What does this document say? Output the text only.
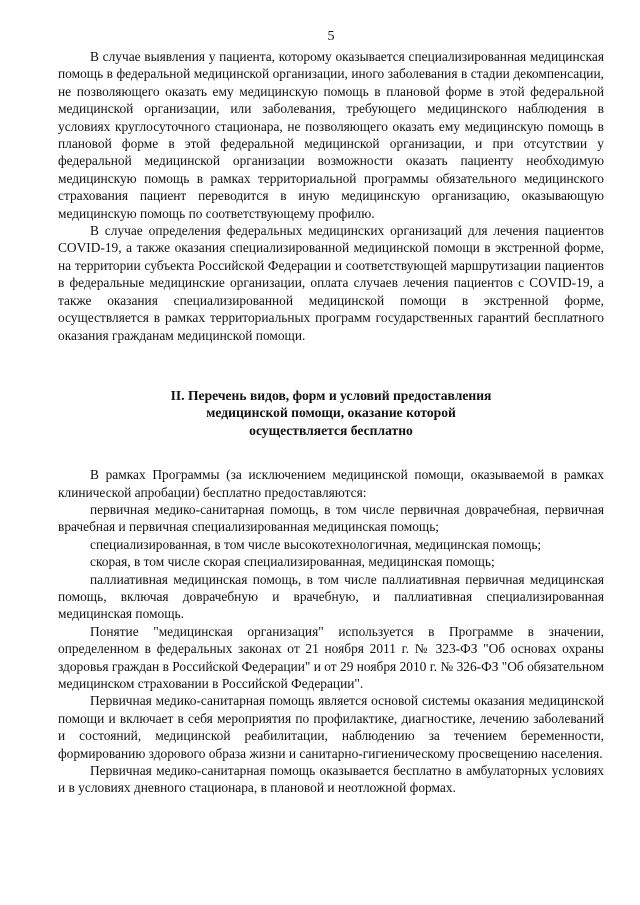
5

В случае выявления у пациента, которому оказывается специализированная медицинская помощь в федеральной медицинской организации, иного заболевания в стадии декомпенсации, не позволяющего оказать ему медицинскую помощь в плановой форме в этой федеральной медицинской организации, или заболевания, требующего медицинского наблюдения в условиях круглосуточного стационара, не позволяющего оказать ему медицинскую помощь в плановой форме в этой федеральной медицинской организации, и при отсутствии у федеральной медицинской организации возможности оказать пациенту необходимую медицинскую помощь в рамках территориальной программы обязательного медицинского страхования пациент переводится в иную медицинскую организацию, оказывающую медицинскую помощь по соответствующему профилю.

В случае определения федеральных медицинских организаций для лечения пациентов COVID-19, а также оказания специализированной медицинской помощи в экстренной форме, на территории субъекта Российской Федерации и соответствующей маршрутизации пациентов в федеральные медицинские организации, оплата случаев лечения пациентов с COVID-19, а также оказания специализированной медицинской помощи в экстренной форме, осуществляется в рамках территориальных программ государственных гарантий бесплатного оказания гражданам медицинской помощи.

II. Перечень видов, форм и условий предоставления
медицинской помощи, оказание которой
осуществляется бесплатно

В рамках Программы (за исключением медицинской помощи, оказываемой в рамках клинической апробации) бесплатно предоставляются:

первичная медико-санитарная помощь, в том числе первичная доврачебная, первичная врачебная и первичная специализированная медицинская помощь;

специализированная, в том числе высокотехнологичная, медицинская помощь;

скорая, в том числе скорая специализированная, медицинская помощь;

паллиативная медицинская помощь, в том числе паллиативная первичная медицинская помощь, включая доврачебную и врачебную, и паллиативная специализированная медицинская помощь.

Понятие "медицинская организация" используется в Программе в значении, определенном в федеральных законах от 21 ноября 2011 г. № 323-ФЗ "Об основах охраны здоровья граждан в Российской Федерации" и от 29 ноября 2010 г. № 326-ФЗ "Об обязательном медицинском страховании в Российской Федерации".

Первичная медико-санитарная помощь является основой системы оказания медицинской помощи и включает в себя мероприятия по профилактике, диагностике, лечению заболеваний и состояний, медицинской реабилитации, наблюдению за течением беременности, формированию здорового образа жизни и санитарно-гигиеническому просвещению населения.

Первичная медико-санитарная помощь оказывается бесплатно в амбулаторных условиях и в условиях дневного стационара, в плановой и неотложной формах.
